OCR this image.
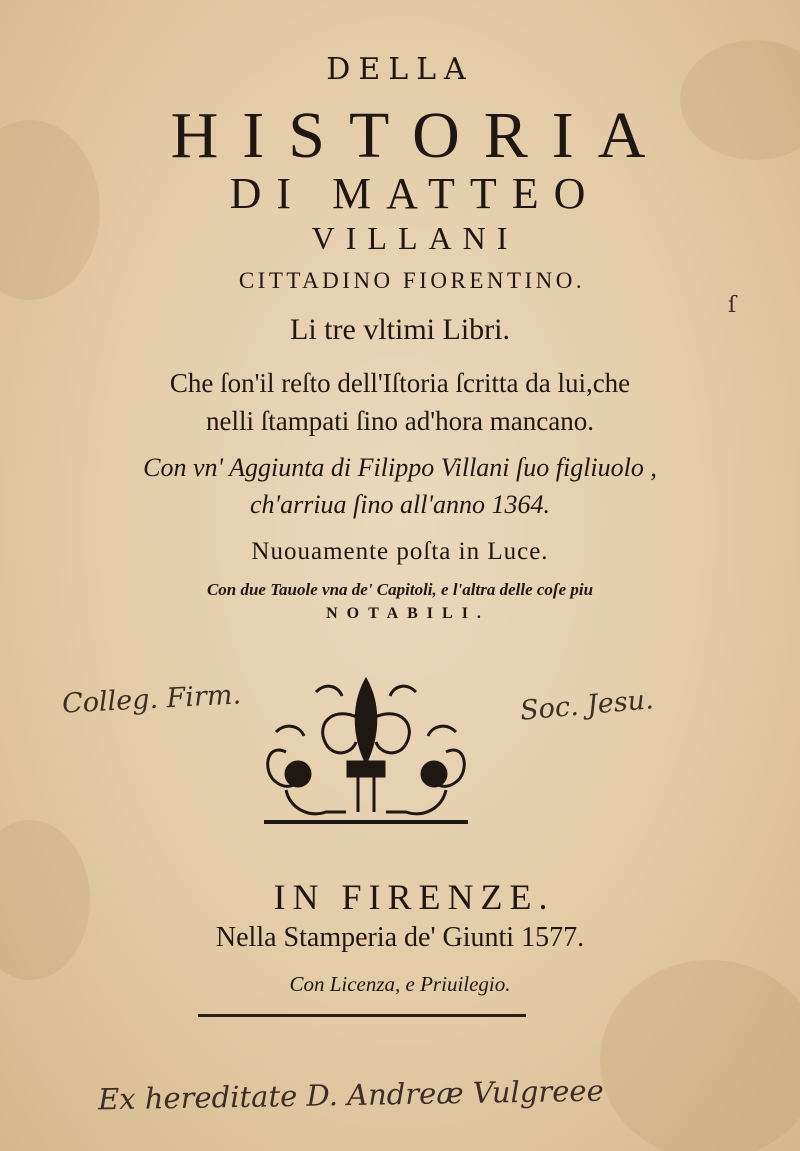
DELLA
HISTORIA
DI MATTEO
VILLANI
CITTADINO FIORENTINO.
Li tre vltimi Libri.
Che ſon'il reſto dell'Iſtoria ſcritta da lui,che
nelli ſtampati ſino ad'hora mancano.
Con vn' Aggiunta di Filippo Villani ſuo figliuolo ,
ch'arriua ſino all'anno 1364.
Nuouamente poſta in Luce.
Con due Tauole vna de' Capitoli, e l'altra delle coſe piu
NOTABILI.
Colleg. Firm.	Soc. Jesu.
ſ
IN FIRENZE.
Nella Stamperia de' Giunti 1577.
Con Licenza, e Priuilegio.
Ex hereditate D. Andreæ Vulgreee
